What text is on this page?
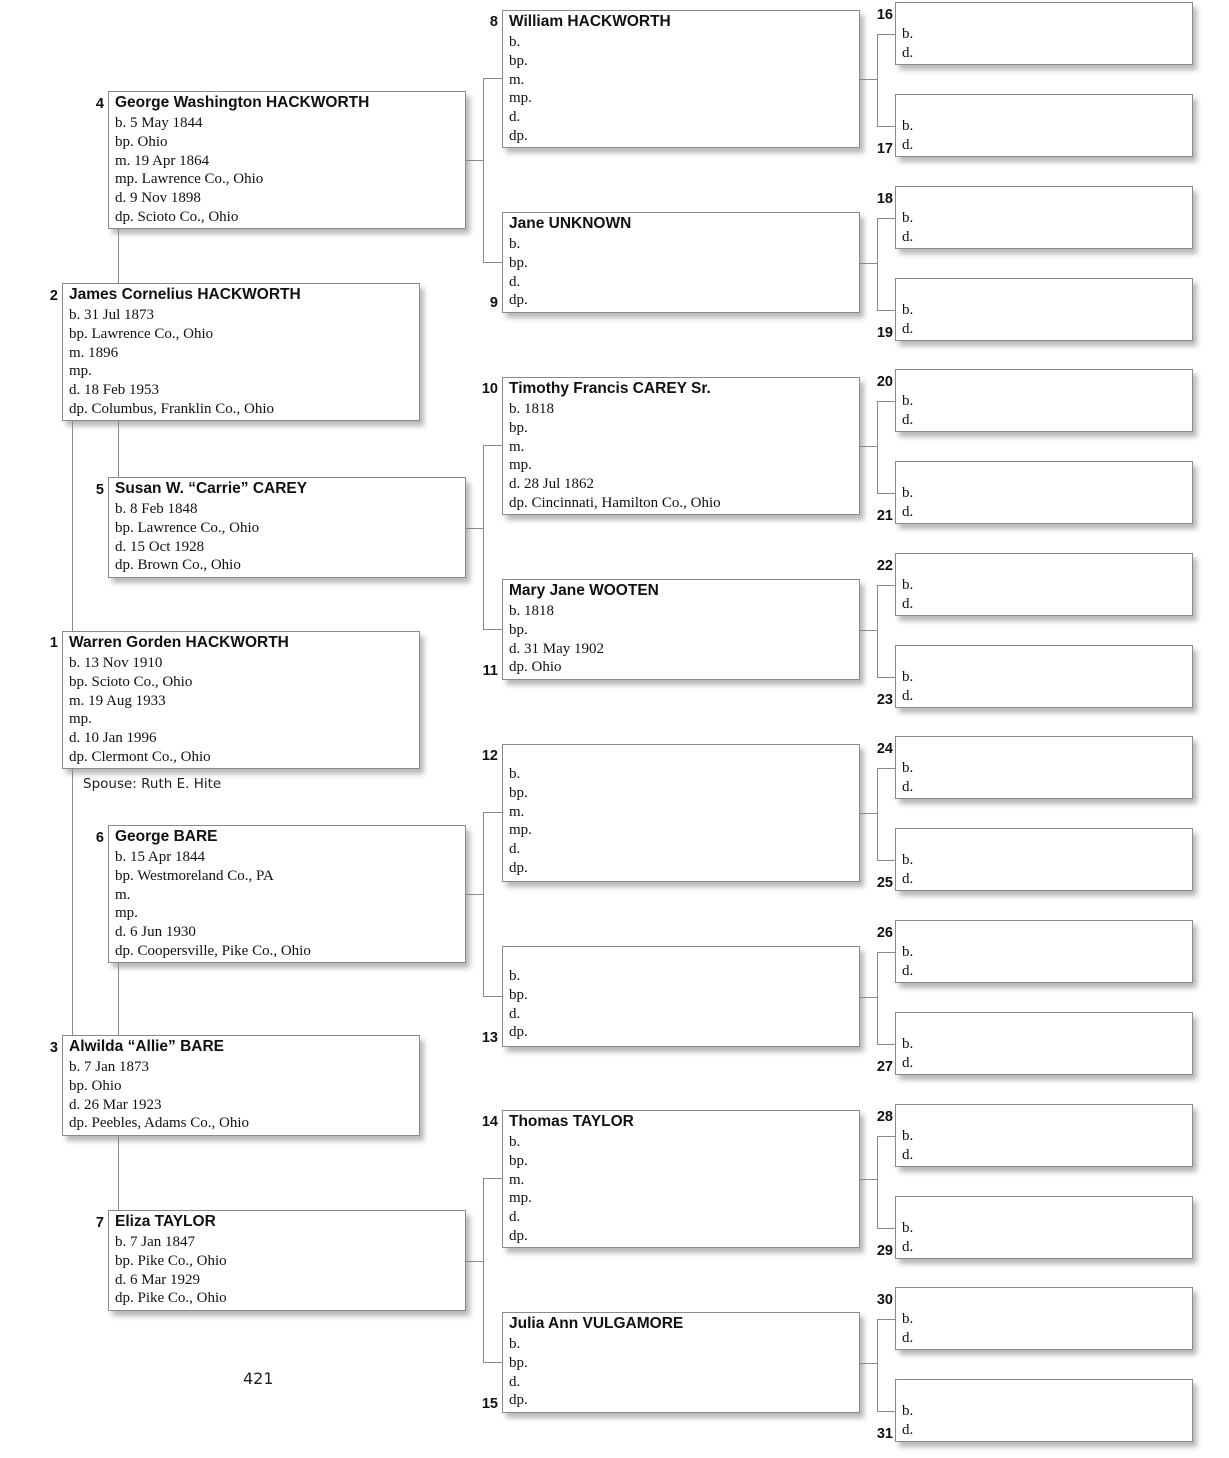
Warren Gorden HACKWORTH
b. 13 Nov 1910
bp. Scioto Co., Ohio
m. 19 Aug 1933
mp.
d. 10 Jan 1996
dp. Clermont Co., Ohio
1
James Cornelius HACKWORTH
b. 31 Jul 1873
bp. Lawrence Co., Ohio
m. 1896
mp.
d. 18 Feb 1953
dp. Columbus, Franklin Co., Ohio
2
Alwilda “Allie” BARE
b. 7 Jan 1873
bp. Ohio
d. 26 Mar 1923
dp. Peebles, Adams Co., Ohio
3
George Washington HACKWORTH
b. 5 May 1844
bp. Ohio
m. 19 Apr 1864
mp. Lawrence Co., Ohio
d. 9 Nov 1898
dp. Scioto Co., Ohio
4
Susan W. “Carrie” CAREY
b. 8 Feb 1848
bp. Lawrence Co., Ohio
d. 15 Oct 1928
dp. Brown Co., Ohio
5
George BARE
b. 15 Apr 1844
bp. Westmoreland Co., PA
m.
mp.
d. 6 Jun 1930
dp. Coopersville, Pike Co., Ohio
6
Eliza TAYLOR
b. 7 Jan 1847
bp. Pike Co., Ohio
d. 6 Mar 1929
dp. Pike Co., Ohio
7
William HACKWORTH
b.
bp.
m.
mp.
d.
dp.
8
Jane UNKNOWN
b.
bp.
d.
dp.
9
Timothy Francis CAREY Sr.
b. 1818
bp.
m.
mp.
d. 28 Jul 1862
dp. Cincinnati, Hamilton Co., Ohio
10
Mary Jane WOOTEN
b. 1818
bp.
d. 31 May 1902
dp. Ohio
11
b.
bp.
m.
mp.
d.
dp.
12
b.
bp.
d.
dp.
13
Thomas TAYLOR
b.
bp.
m.
mp.
d.
dp.
14
Julia Ann VULGAMORE
b.
bp.
d.
dp.
15
b.
d.
16
b.
d.
17
b.
d.
18
b.
d.
19
b.
d.
20
b.
d.
21
b.
d.
22
b.
d.
23
b.
d.
24
b.
d.
25
b.
d.
26
b.
d.
27
b.
d.
28
b.
d.
29
b.
d.
30
b.
d.
31
Spouse: Ruth E. Hite
421
